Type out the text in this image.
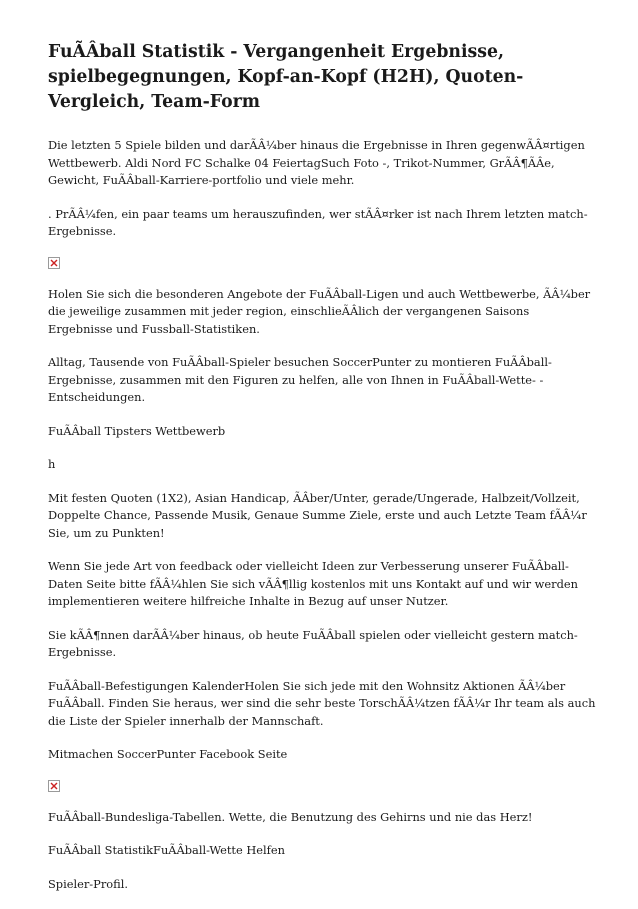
FuÃÂball Statistik - Vergangenheit Ergebnisse, spielbegegnungen, Kopf-an-Kopf (H2H), Quoten-Vergleich, Team-Form

Die letzten 5 Spiele bilden und darÃÂ¼ber hinaus die Ergebnisse in Ihren gegenwÃÂ¤rtigen Wettbewerb. Aldi Nord FC Schalke 04 FeiertagSuch Foto -, Trikot-Nummer, GrÃÂ¶ÃÂe, Gewicht, FuÃÂball-Karriere-portfolio und viele mehr.

. PrÃÂ¼fen, ein paar teams um herauszufinden, wer stÃÂ¤rker ist nach Ihrem letzten match-Ergebnisse.

Holen Sie sich die besonderen Angebote der FuÃÂball-Ligen und auch Wettbewerbe, ÃÂ¼ber die jeweilige zusammen mit jeder region, einschlieÃÂlich der vergangenen Saisons Ergebnisse und Fussball-Statistiken.

Alltag, Tausende von FuÃÂball-Spieler besuchen SoccerPunter zu montieren FuÃÂball-Ergebnisse, zusammen mit den Figuren zu helfen, alle von Ihnen in FuÃÂball-Wette- -Entscheidungen.

FuÃÂball Tipsters Wettbewerb

h

Mit festen Quoten (1X2), Asian Handicap, ÃÂber/Unter, gerade/Ungerade, Halbzeit/Vollzeit, Doppelte Chance, Passende Musik, Genaue Summe Ziele, erste und auch Letzte Team fÃÂ¼r Sie, um zu Punkten!

Wenn Sie jede Art von feedback oder vielleicht Ideen zur Verbesserung unserer FuÃÂball-Daten Seite bitte fÃÂ¼hlen Sie sich vÃÂ¶llig kostenlos mit uns Kontakt auf und wir werden implementieren weitere hilfreiche Inhalte in Bezug auf unser Nutzer.

Sie kÃÂ¶nnen darÃÂ¼ber hinaus, ob heute FuÃÂball spielen oder vielleicht gestern match-Ergebnisse.

FuÃÂball-Befestigungen KalenderHolen Sie sich jede mit den Wohnsitz Aktionen ÃÂ¼ber FuÃÂball. Finden Sie heraus, wer sind die sehr beste TorschÃÂ¼tzen fÃÂ¼r Ihr team als auch die Liste der Spieler innerhalb der Mannschaft.

Mitmachen SoccerPunter Facebook Seite

FuÃÂball-Bundesliga-Tabellen. Wette, die Benutzung des Gehirns und nie das Herz!

FuÃÂball StatistikFuÃÂball-Wette Helfen

Spieler-Profil.
